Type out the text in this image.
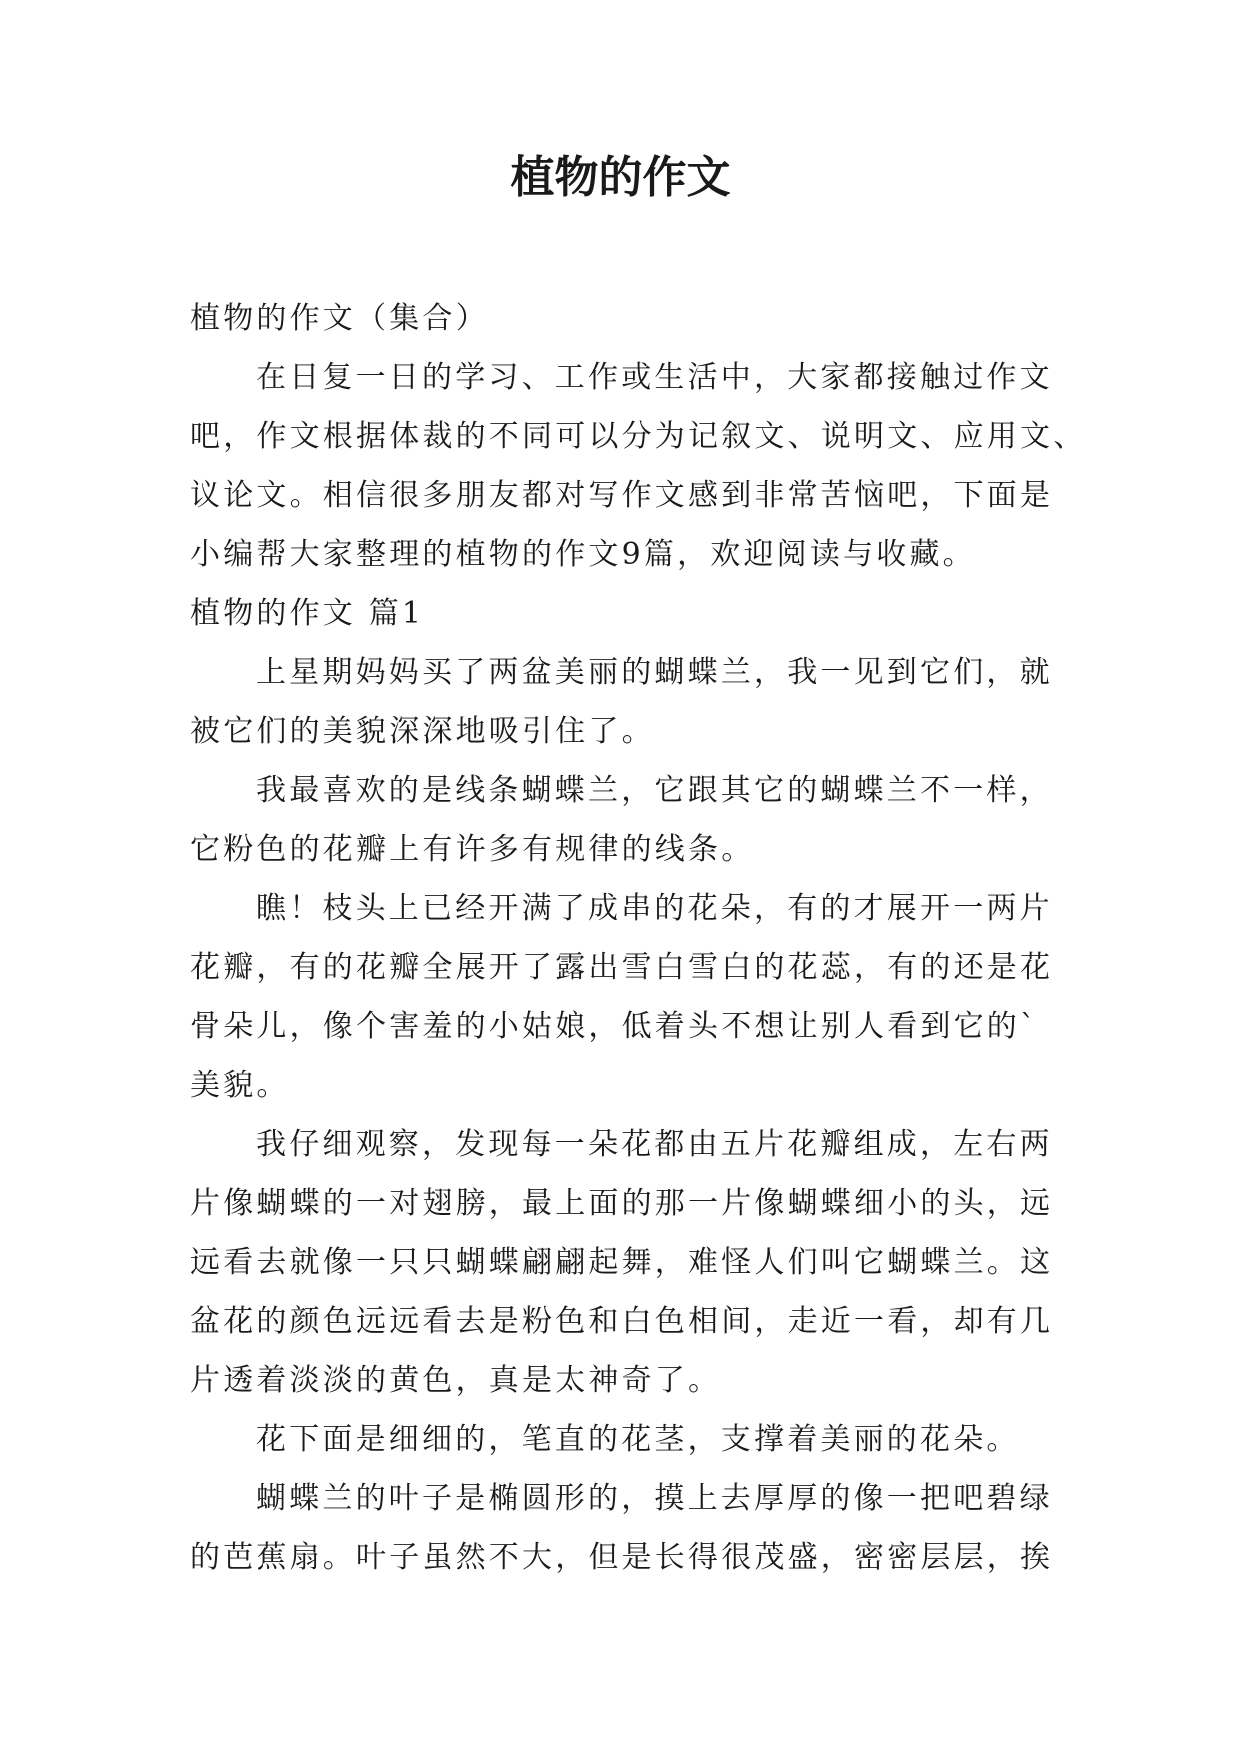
植物的作文
植物的作文（集合）
在日复一日的学习、工作或生活中，大家都接触过作文
吧，作文根据体裁的不同可以分为记叙文、说明文、应用文、
议论文。相信很多朋友都对写作文感到非常苦恼吧，下面是
小编帮大家整理的植物的作文9篇，欢迎阅读与收藏。
植物的作文 篇1
上星期妈妈买了两盆美丽的蝴蝶兰，我一见到它们，就
被它们的美貌深深地吸引住了。
我最喜欢的是线条蝴蝶兰，它跟其它的蝴蝶兰不一样，
它粉色的花瓣上有许多有规律的线条。
瞧！枝头上已经开满了成串的花朵，有的才展开一两片
花瓣，有的花瓣全展开了露出雪白雪白的花蕊，有的还是花
骨朵儿，像个害羞的小姑娘，低着头不想让别人看到它的`
美貌。
我仔细观察，发现每一朵花都由五片花瓣组成，左右两
片像蝴蝶的一对翅膀，最上面的那一片像蝴蝶细小的头，远
远看去就像一只只蝴蝶翩翩起舞，难怪人们叫它蝴蝶兰。这
盆花的颜色远远看去是粉色和白色相间，走近一看，却有几
片透着淡淡的黄色，真是太神奇了。
花下面是细细的，笔直的花茎，支撑着美丽的花朵。
蝴蝶兰的叶子是椭圆形的，摸上去厚厚的像一把吧碧绿
的芭蕉扇。叶子虽然不大，但是长得很茂盛，密密层层，挨
